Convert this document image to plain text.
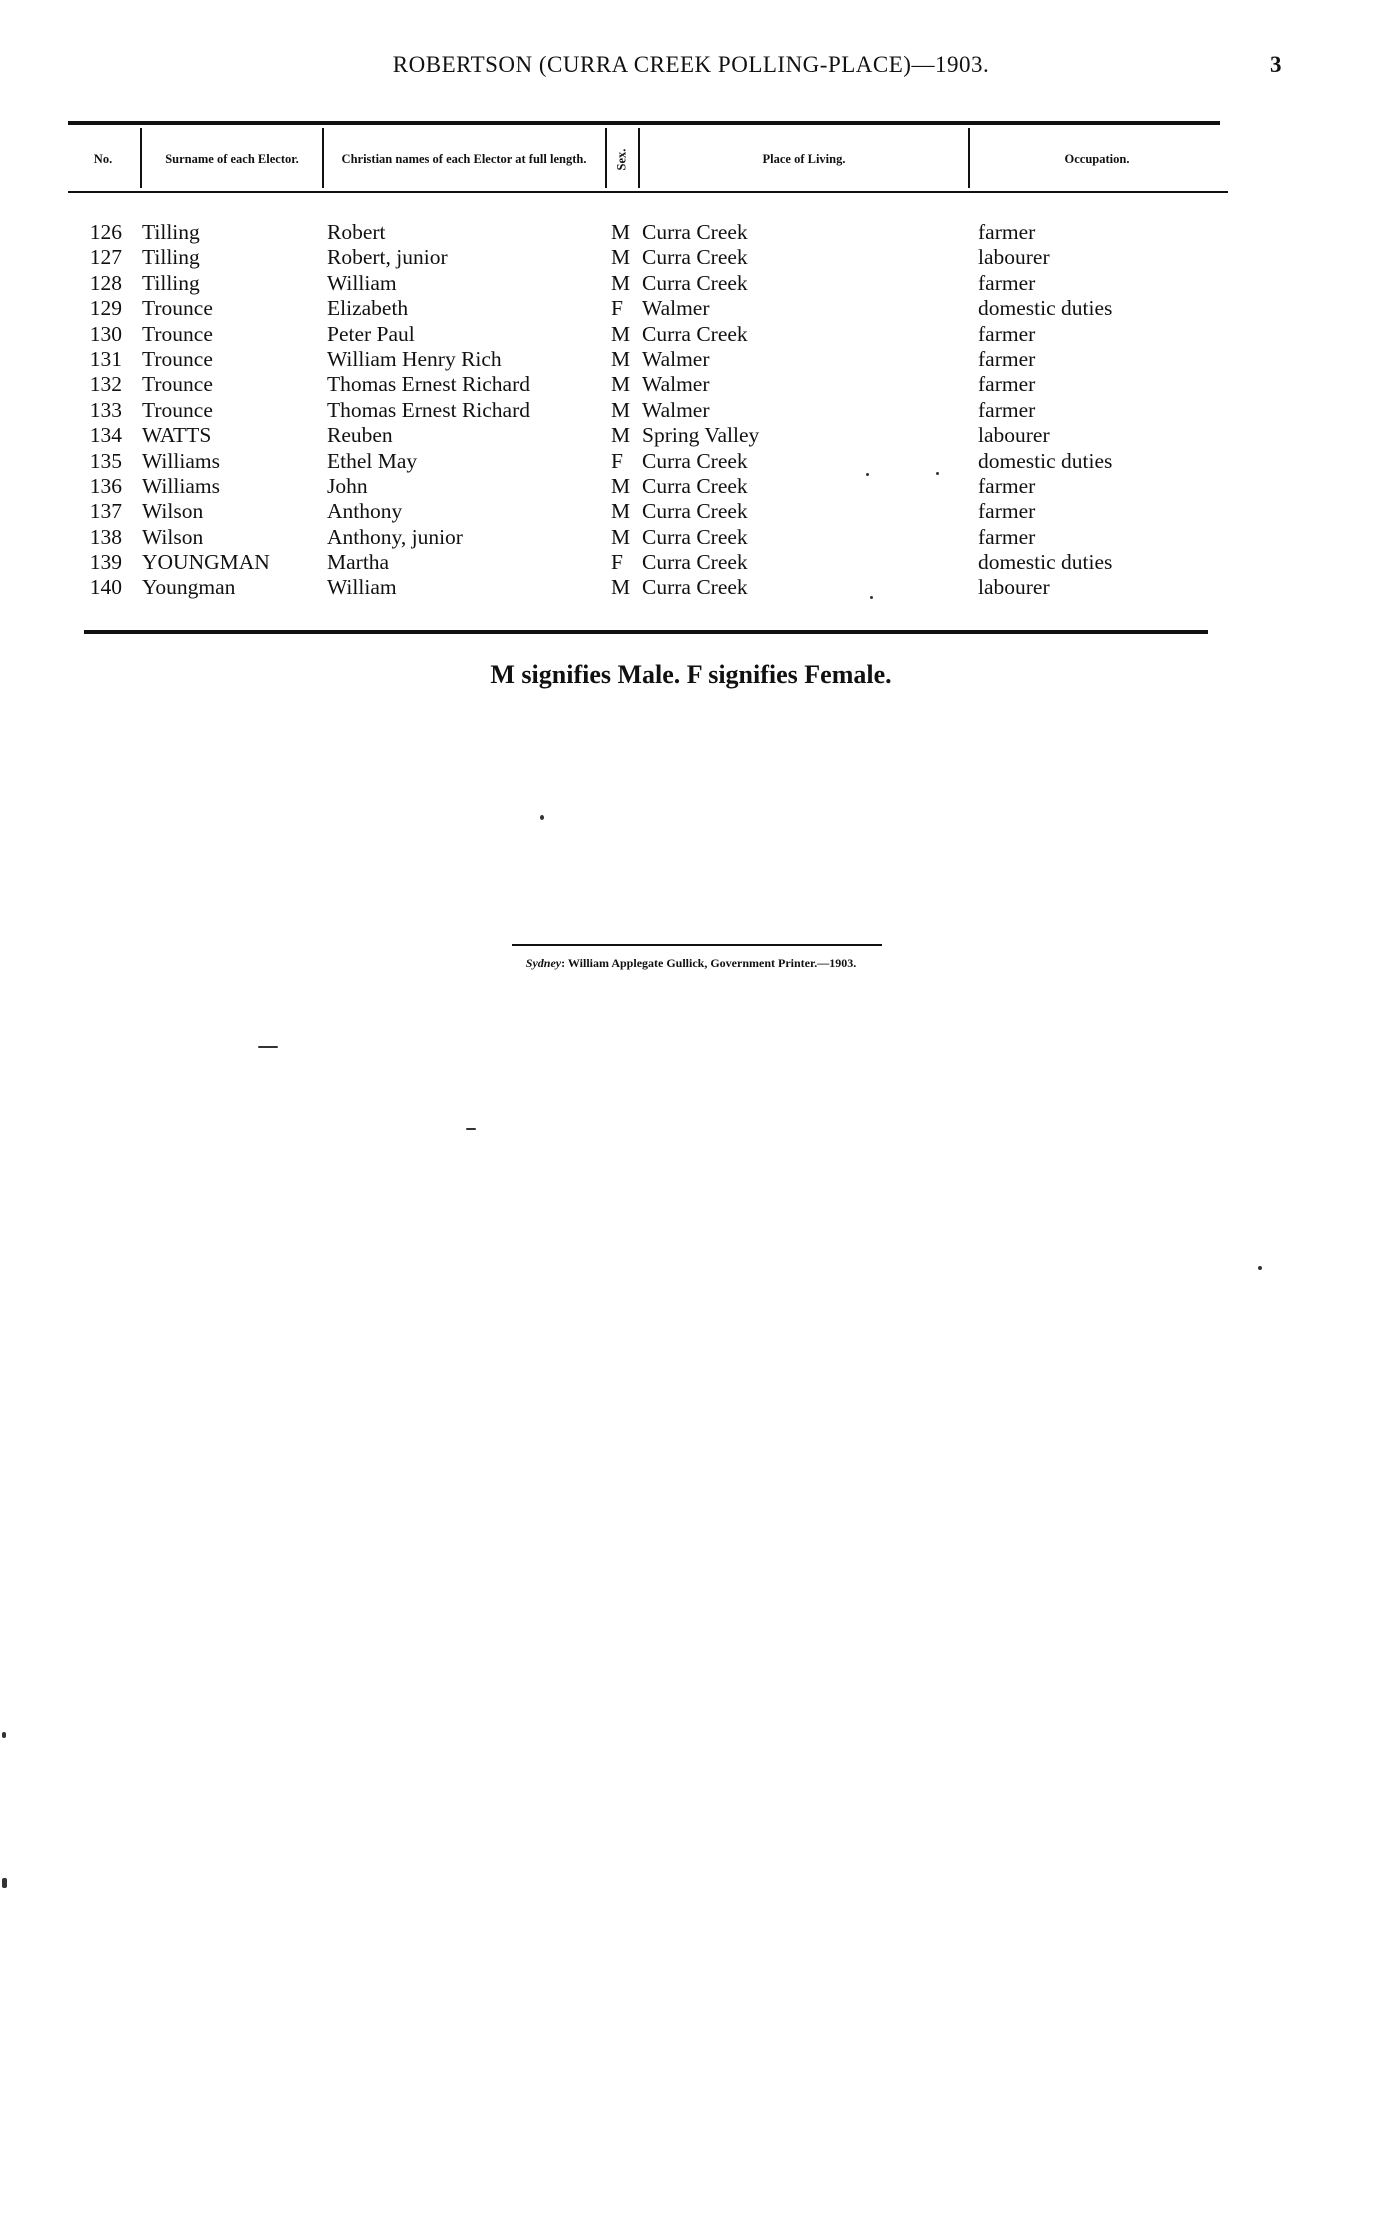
ROBERTSON (CURRA CREEK POLLING-PLACE)—1903.	3
No.	Surname of each Elector.	Christian names of each Elector at full length.	Sex.	Place of Living.	Occupation.
126 Tilling	Robert	M Curra Creek	farmer
127 Tilling	Robert, junior	M Curra Creek	labourer
128 Tilling	William	M Curra Creek	farmer
129 Trounce	Elizabeth	F Walmer	domestic duties
130 Trounce	Peter Paul	M Curra Creek	farmer
131 Trounce	William Henry Rich	M Walmer	farmer
132 Trounce	Thomas Ernest Richard	M Walmer	farmer
133 Trounce	Thomas Ernest Richard	M Walmer	farmer
134 WATTS	Reuben	M Spring Valley	labourer
135 Williams	Ethel May	F Curra Creek	domestic duties
136 Williams	John	M Curra Creek	farmer
137 Wilson	Anthony	M Curra Creek	farmer
138 Wilson	Anthony, junior	M Curra Creek	farmer
139 YOUNGMAN	Martha	F Curra Creek	domestic duties
140 Youngman	William	M Curra Creek	labourer
M signifies Male. F signifies Female.
Sydney: William Applegate Gullick, Government Printer.—1903.
